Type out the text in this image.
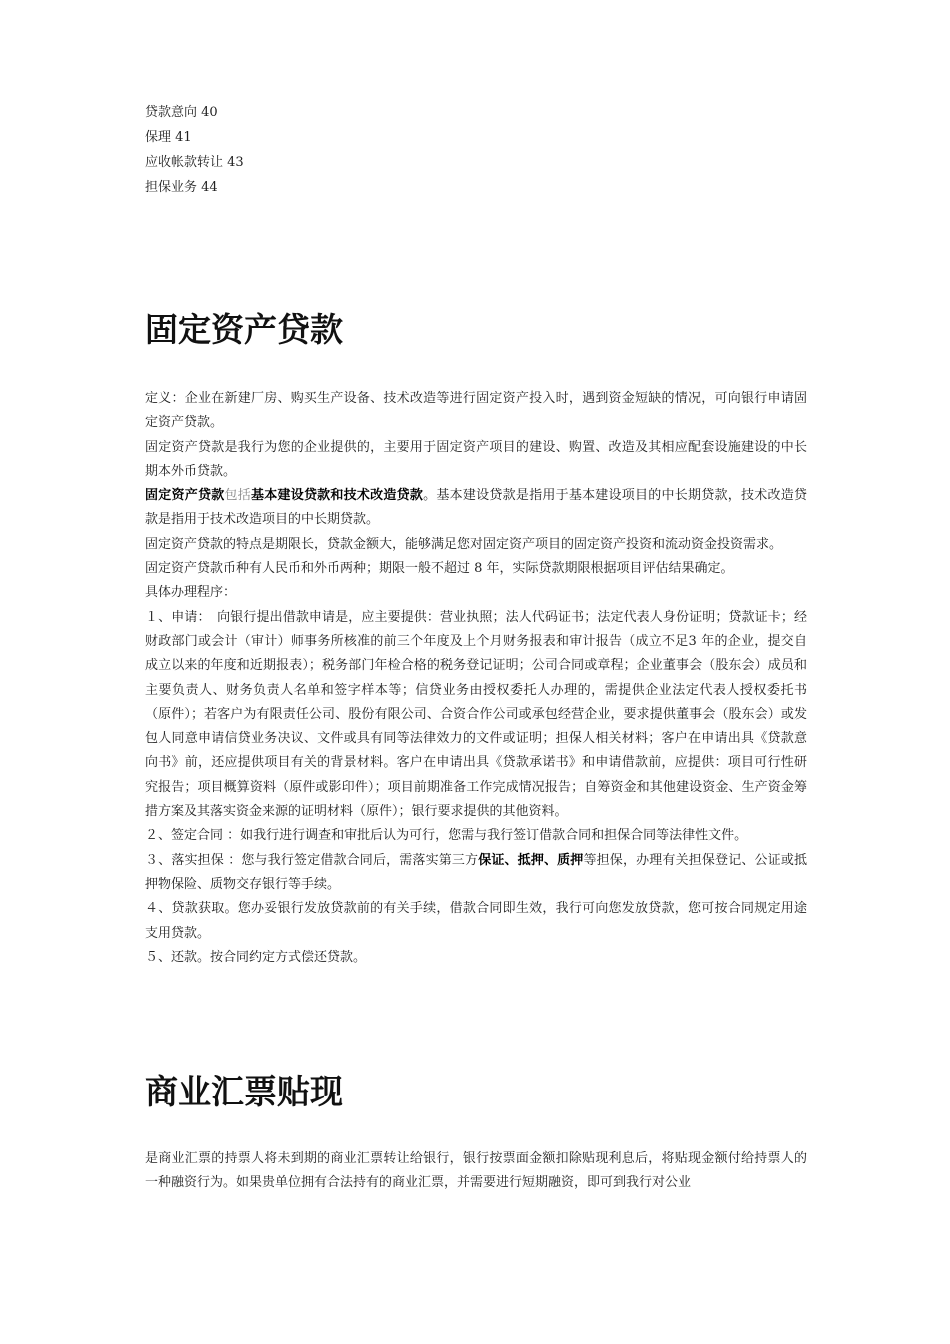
贷款意向 40
保理 41
应收帐款转让 43
担保业务 44
固定资产贷款

定义：企业在新建厂房、购买生产设备、技术改造等进行固定资产投入时，遇到资金短缺的情况，可向银行申请固定资产贷款。

固定资产贷款是我行为您的企业提供的，主要用于固定资产项目的建设、购置、改造及其相应配套设施建设的中长期本外币贷款。

固定资产贷款包括基本建设贷款和技术改造贷款。基本建设贷款是指用于基本建设项目的中长期贷款，技术改造贷款是指用于技术改造项目的中长期贷款。

固定资产贷款的特点是期限长，贷款金额大，能够满足您对固定资产项目的固定资产投资和流动资金投资需求。

固定资产贷款币种有人民币和外币两种；期限一般不超过 8 年，实际贷款期限根据项目评估结果确定。

具体办理程序：

１、申请：　向银行提出借款申请是，应主要提供：营业执照；法人代码证书；法定代表人身份证明；贷款证卡；经财政部门或会计（审计）师事务所核准的前三个年度及上个月财务报表和审计报告（成立不足3 年的企业，提交自成立以来的年度和近期报表）；税务部门年检合格的税务登记证明；公司合同或章程；企业董事会（股东会）成员和主要负责人、财务负责人名单和签字样本等；信贷业务由授权委托人办理的，需提供企业法定代表人授权委托书（原件）；若客户为有限责任公司、股份有限公司、合资合作公司或承包经营企业，要求提供董事会（股东会）或发包人同意申请信贷业务决议、文件或具有同等法律效力的文件或证明；担保人相关材料；客户在申请出具《贷款意向书》前，还应提供项目有关的背景材料。客户在申请出具《贷款承诺书》和申请借款前，应提供：项目可行性研究报告；项目概算资料（原件或影印件）；项目前期准备工作完成情况报告；自筹资金和其他建设资金、生产资金筹措方案及其落实资金来源的证明材料（原件）；银行要求提供的其他资料。

２、签定合同 ：如我行进行调查和审批后认为可行，您需与我行签订借款合同和担保合同等法律性文件。

３、落实担保 ：您与我行签定借款合同后，需落实第三方保证、抵押、质押等担保，办理有关担保登记、公证或抵押物保险、质物交存银行等手续。

４、贷款获取。您办妥银行发放贷款前的有关手续，借款合同即生效，我行可向您发放贷款，您可按合同规定用途支用贷款。

５、还款。按合同约定方式偿还贷款。

商业汇票贴现

是商业汇票的持票人将未到期的商业汇票转让给银行，银行按票面金额扣除贴现利息后，将贴现金额付给持票人的一种融资行为。如果贵单位拥有合法持有的商业汇票，并需要进行短期融资，即可到我行对公业
